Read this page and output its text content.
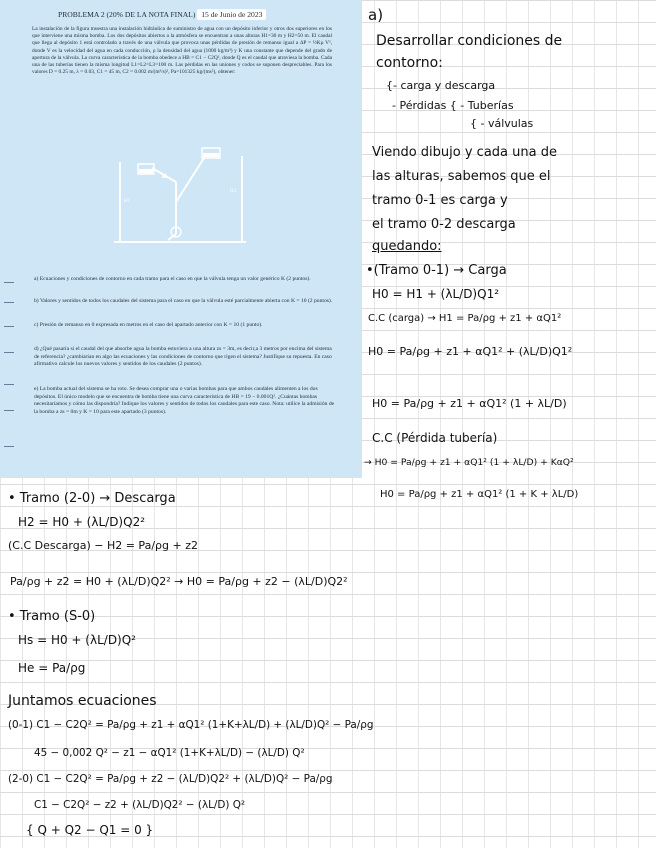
PROBLEMA 2 (20% DE LA NOTA FINAL) 15 de Junio de 2023
La instalación de la figura muestra una instalación hidráulica de suministro de agua con un depósito inferior y otros dos superiores en los que interviene una misma bomba. Los dos depósitos abiertos a la atmósfera se encuentran a unas alturas H1=30 m y H2=50 m. El caudal que llega al depósito 1 está controlado a través de una válvula que provoca unas pérdidas de presión de remanso igual a ΔP = ½Kρ V², donde V es la velocidad del agua en cada conducción, ρ la densidad del agua (1000 kg/m³) y K una constante que depende del grado de apertura de la válvula. La curva característica de la bomba obedece a HB = C1 − C2Q², donde Q es el caudal que atraviesa la bomba. Cada una de las tuberías tienen la misma longitud L1=L2=L3=100 m. Las pérdidas en las uniones y codos se suponen despreciables. Para los valores D = 0.25 m, λ = 0.03, C1 = 45 m, C2 = 0.002 m/(m³/s)², Pa=101325 kg/(ms²), obtener:
H1
H2
a) Ecuaciones y condiciones de contorno en cada tramo para el caso en que la válvula tenga un valor genérico K (2 puntos).
b) Valores y sentidos de todos los caudales del sistema para el caso en que la válvula esté parcialmente abierta con K = 10 (2 puntos).
c) Presión de remanso en 0 expresada en metros en el caso del apartado anterior con K = 10 (1 punto).
d) ¿Qué pasaría si el caudal del que absorbe agua la bomba estuviera a una altura zs = 3m, es decir,a 3 metros por encima del sistema de referencia? ¿cambiarían en algo las ecuaciones y las condiciones de contorno que rigen el sistema? Justifique su repuesta. En caso afirmativo calcule los nuevos valores y sentidos de los caudales (2 puntos).
e) La bomba actual del sistema se ha roto. Se desea comprar una o varias bombas para que ambos caudales alimenten a los dos depósitos. El único modelo que se encuentra de bomba tiene una curva característica de HB = 19 − 0.001Q². ¿Cuántas bombas necesitaríamos y cómo las dispondría? Indique los valores y sentidos de todos los caudales para este caso. Nota: utilice la admisión de la bomba a zs = 0m y K = 10 para este apartado (3 puntos).
a)
Desarrollar condiciones de
contorno:
{- carga y descarga
- Pérdidas { - Tuberías
{ - válvulas
Viendo dibujo y cada una de
las alturas, sabemos que el
tramo 0-1 es carga y
el tramo 0-2 descarga
quedando:
•(Tramo 0-1) → Carga
H0 = H1 + (λL/D)Q1²
C.C (carga) → H1 = Pa/ρg + z1 + αQ1²
H0 = Pa/ρg + z1 + αQ1² + (λL/D)Q1²
H0 = Pa/ρg + z1 + αQ1² (1 + λL/D)
C.C (Pérdida tubería)
→ H0 = Pa/ρg + z1 + αQ1² (1 + λL/D) + KαQ²
H0 = Pa/ρg + z1 + αQ1² (1 + K + λL/D)
• Tramo (2-0) → Descarga
H2 = H0 + (λL/D)Q2²
(C.C Descarga) − H2 = Pa/ρg + z2
Pa/ρg + z2 = H0 + (λL/D)Q2² → H0 = Pa/ρg + z2 − (λL/D)Q2²
• Tramo (S-0)
Hs = H0 + (λL/D)Q²
He = Pa/ρg
Juntamos ecuaciones
(0-1) C1 − C2Q² = Pa/ρg + z1 + αQ1² (1+K+λL/D) + (λL/D)Q² − Pa/ρg
45 − 0,002 Q² − z1 − αQ1² (1+K+λL/D) − (λL/D) Q²
(2-0) C1 − C2Q² = Pa/ρg + z2 − (λL/D)Q2² + (λL/D)Q² − Pa/ρg
C1 − C2Q² − z2 + (λL/D)Q2² − (λL/D) Q²
{ Q + Q2 − Q1 = 0 }
